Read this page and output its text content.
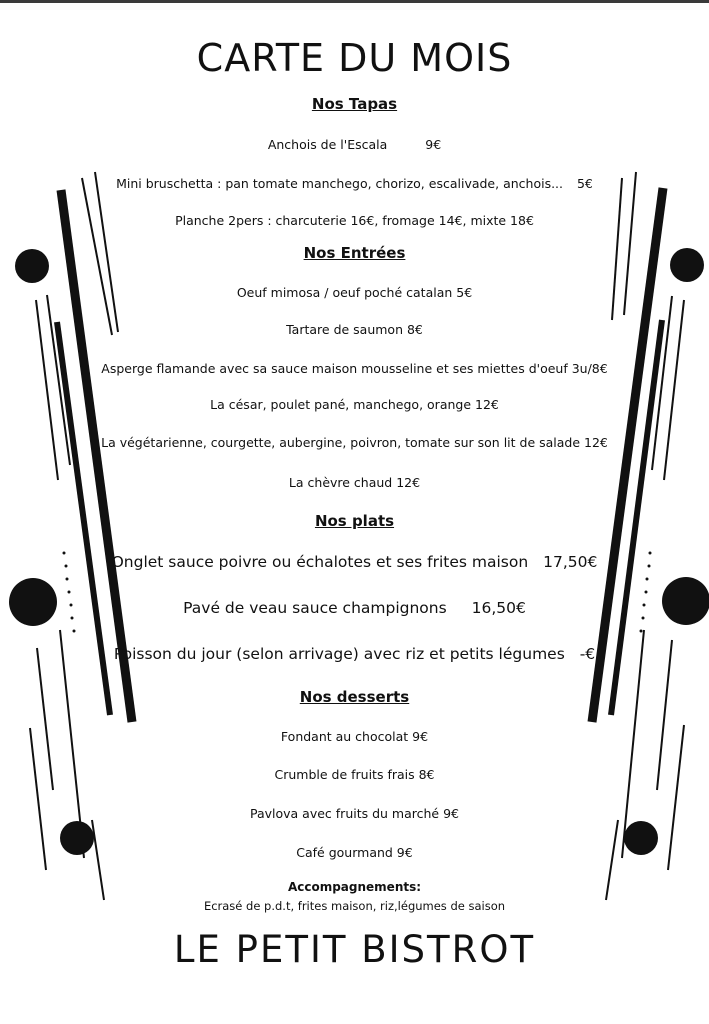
CARTE DU MOIS
Nos Tapas
Anchois de l'Escala	9€
Mini bruschetta : pan tomate manchego, chorizo, escalivade, anchois... 5€
Planche 2pers : charcuterie 16€, fromage 14€, mixte 18€
Nos Entrées
Oeuf mimosa / oeuf poché catalan 5€
Tartare de saumon 8€
Asperge flamande avec sa sauce maison mousseline et ses miettes d'oeuf 3u/8€
La césar, poulet pané, manchego, orange 12€
La végétarienne, courgette, aubergine, poivron, tomate sur son lit de salade 12€
La chèvre chaud 12€
Nos plats
Onglet sauce poivre ou échalotes et ses frites maison 17,50€
Pavé de veau sauce champignons 16,50€
Poisson du jour (selon arrivage) avec riz et petits légumes -€
Nos desserts
Fondant au chocolat 9€
Crumble de fruits frais 8€
Pavlova avec fruits du marché 9€
Café gourmand 9€
Accompagnements:
Ecrasé de p.d.t, frites maison, riz,légumes de saison
LE PETIT BISTROT
